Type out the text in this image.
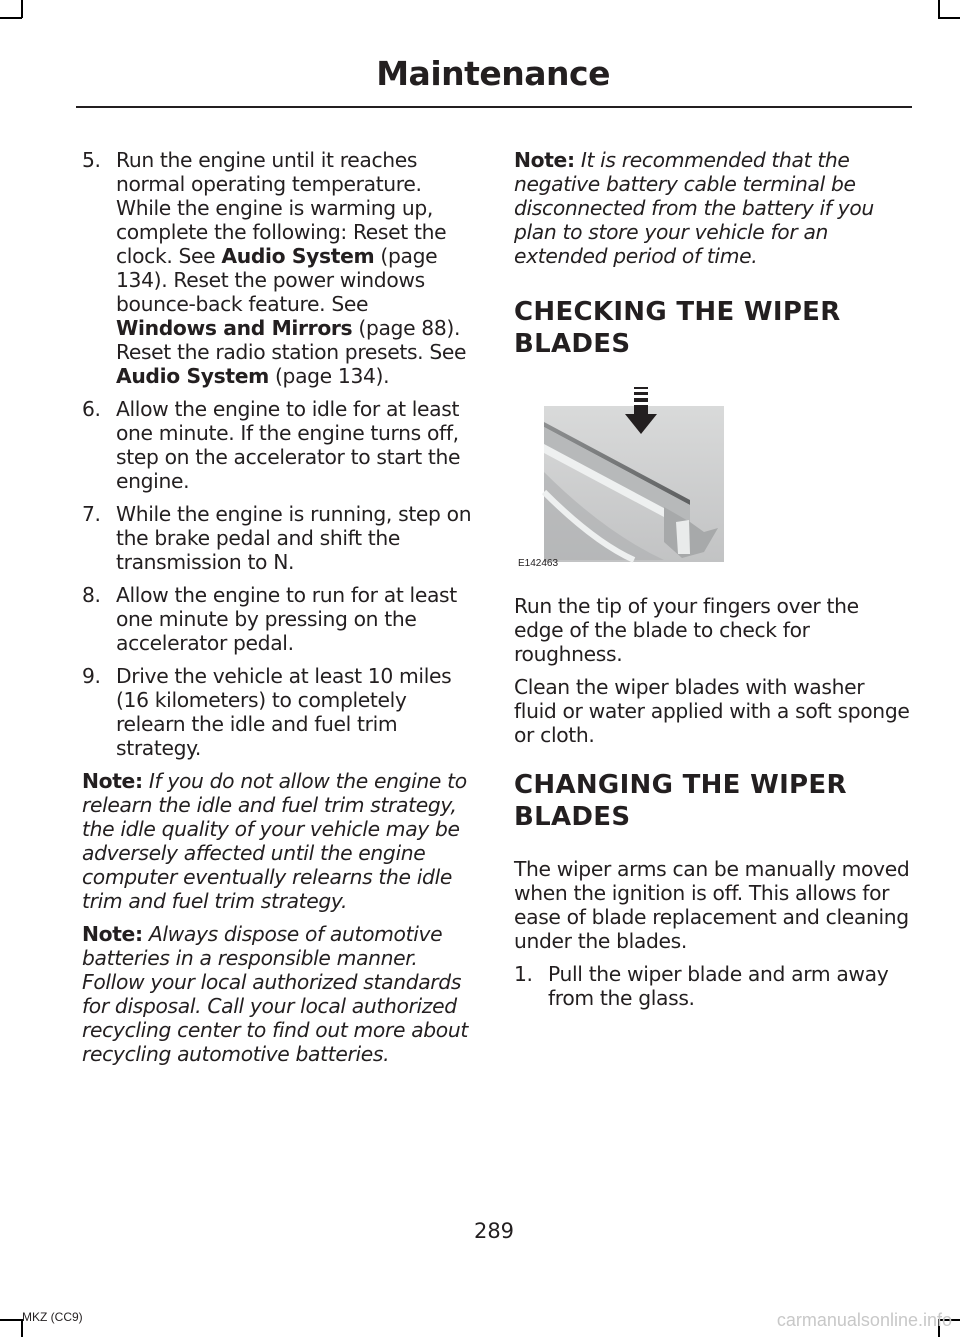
Maintenance
5. Run the engine until it reaches normal operating temperature. While the engine is warming up, complete the following: Reset the clock. See Audio System (page 134). Reset the power windows bounce-back feature. See Windows and Mirrors (page 88). Reset the radio station presets. See Audio System (page 134).
6. Allow the engine to idle for at least one minute. If the engine turns off, step on the accelerator to start the engine.
7. While the engine is running, step on the brake pedal and shift the transmission to N.
8. Allow the engine to run for at least one minute by pressing on the accelerator pedal.
9. Drive the vehicle at least 10 miles (16 kilometers) to completely relearn the idle and fuel trim strategy.

Note: If you do not allow the engine to relearn the idle and fuel trim strategy, the idle quality of your vehicle may be adversely affected until the engine computer eventually relearns the idle trim and fuel trim strategy.

Note: Always dispose of automotive batteries in a responsible manner. Follow your local authorized standards for disposal. Call your local authorized recycling center to find out more about recycling automotive batteries.

Note: It is recommended that the negative battery cable terminal be disconnected from the battery if you plan to store your vehicle for an extended period of time.

CHECKING THE WIPER
BLADES
E142463

Run the tip of your fingers over the edge of the blade to check for roughness.

Clean the wiper blades with washer fluid or water applied with a soft sponge or cloth.

CHANGING THE WIPER
BLADES

The wiper arms can be manually moved when the ignition is off. This allows for ease of blade replacement and cleaning under the blades.

1. Pull the wiper blade and arm away from the glass.
289
MKZ (CC9)	carmanualsonline.info
